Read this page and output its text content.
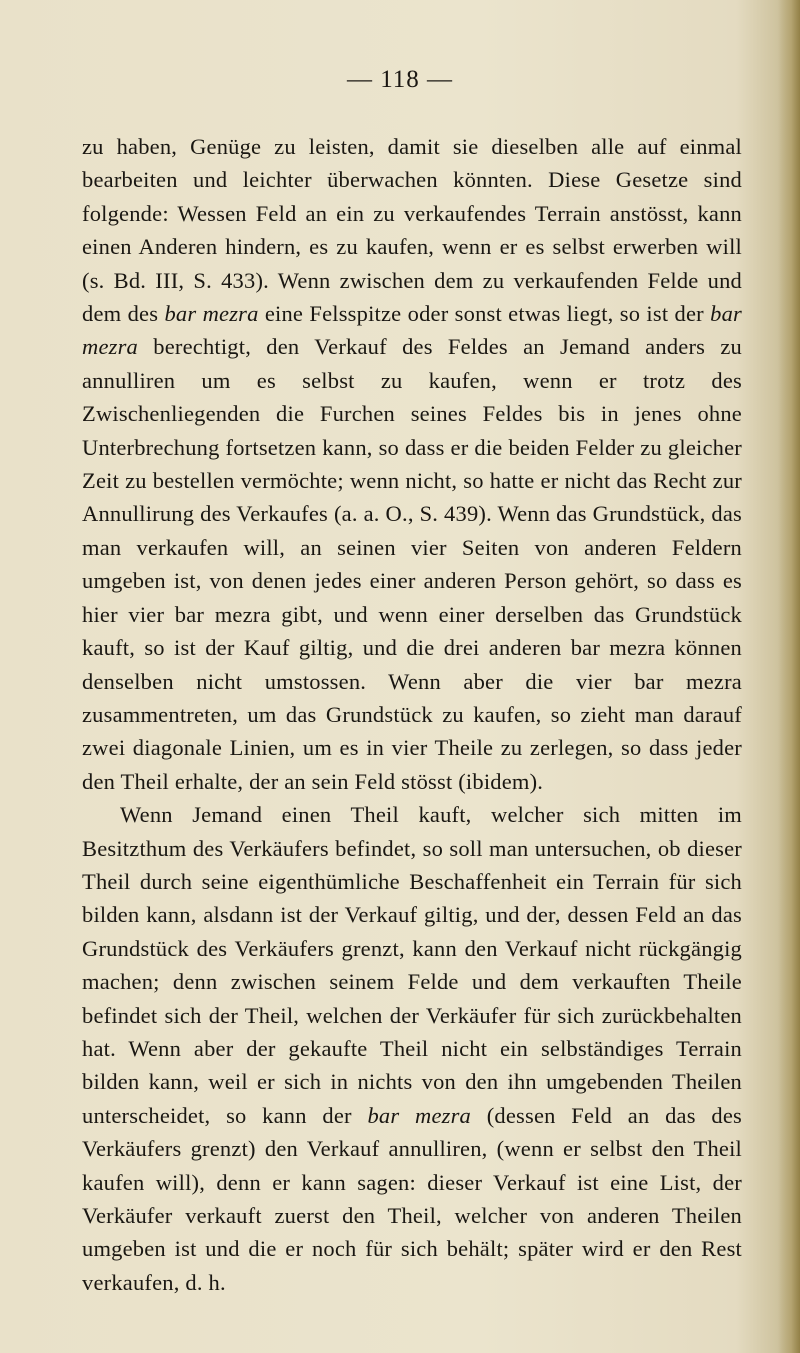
— 118 —

zu haben, Genüge zu leisten, damit sie dieselben alle auf einmal bearbeiten und leichter überwachen könnten. Diese Gesetze sind folgende: Wessen Feld an ein zu verkaufendes Terrain anstösst, kann einen Anderen hindern, es zu kaufen, wenn er es selbst erwerben will (s. Bd. III, S. 433). Wenn zwischen dem zu verkaufenden Felde und dem des bar mezra eine Felsspitze oder sonst etwas liegt, so ist der bar mezra berechtigt, den Verkauf des Feldes an Jemand anders zu annulliren um es selbst zu kaufen, wenn er trotz des Zwischenliegenden die Furchen seines Feldes bis in jenes ohne Unterbrechung fortsetzen kann, so dass er die beiden Felder zu gleicher Zeit zu bestellen vermöchte; wenn nicht, so hatte er nicht das Recht zur Annullirung des Verkaufes (a. a. O., S. 439). Wenn das Grundstück, das man verkaufen will, an seinen vier Seiten von anderen Feldern umgeben ist, von denen jedes einer anderen Person gehört, so dass es hier vier bar mezra gibt, und wenn einer derselben das Grundstück kauft, so ist der Kauf giltig, und die drei anderen bar mezra können denselben nicht umstossen. Wenn aber die vier bar mezra zusammentreten, um das Grundstück zu kaufen, so zieht man darauf zwei diagonale Linien, um es in vier Theile zu zerlegen, so dass jeder den Theil erhalte, der an sein Feld stösst (ibidem).

Wenn Jemand einen Theil kauft, welcher sich mitten im Besitzthum des Verkäufers befindet, so soll man untersuchen, ob dieser Theil durch seine eigenthümliche Beschaffenheit ein Terrain für sich bilden kann, alsdann ist der Verkauf giltig, und der, dessen Feld an das Grundstück des Verkäufers grenzt, kann den Verkauf nicht rückgängig machen; denn zwischen seinem Felde und dem verkauften Theile befindet sich der Theil, welchen der Verkäufer für sich zurückbehalten hat. Wenn aber der gekaufte Theil nicht ein selbständiges Terrain bilden kann, weil er sich in nichts von den ihn umgebenden Theilen unterscheidet, so kann der bar mezra (dessen Feld an das des Verkäufers grenzt) den Verkauf annulliren, (wenn er selbst den Theil kaufen will), denn er kann sagen: dieser Verkauf ist eine List, der Verkäufer verkauft zuerst den Theil, welcher von anderen Theilen umgeben ist und die er noch für sich behält; später wird er den Rest verkaufen, d. h.
